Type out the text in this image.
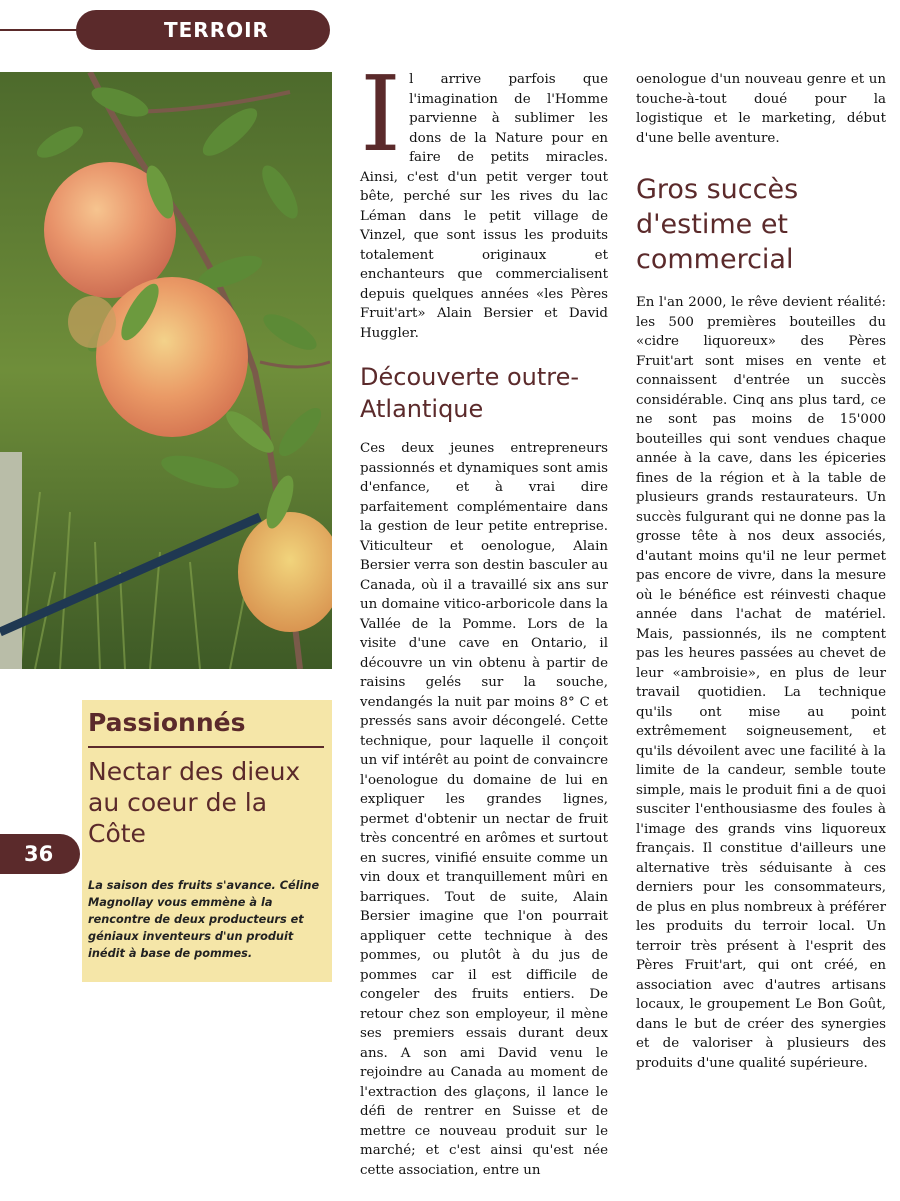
TERROIR
Passionnés
Nectar des dieux au coeur de la Côte
La saison des fruits s'avance. Céline Magnollay vous emmène à la rencontre de deux producteurs et géniaux inventeurs d'un produit inédit à base de pommes.
36
I l arrive parfois que l'imagination de l'Homme parvienne à sublimer les dons de la Nature pour en faire de petits miracles. Ainsi, c'est d'un petit verger tout bête, perché sur les rives du lac Léman dans le petit village de Vinzel, que sont issus les produits totalement originaux et enchanteurs que commercialisent depuis quelques années «les Pères Fruit'art» Alain Bersier et David Huggler.

Découverte outre-Atlantique

Ces deux jeunes entrepreneurs passionnés et dynamiques sont amis d'enfance, et à vrai dire parfaitement complémentaire dans la gestion de leur petite entreprise. Viticulteur et oenologue, Alain Bersier verra son destin basculer au Canada, où il a travaillé six ans sur un domaine vitico-arboricole dans la Vallée de la Pomme. Lors de la visite d'une cave en Ontario, il découvre un vin obtenu à partir de raisins gelés sur la souche, vendangés la nuit par moins 8° C et pressés sans avoir décongelé. Cette technique, pour laquelle il conçoit un vif intérêt au point de convaincre l'oenologue du domaine de lui en expliquer les grandes lignes, permet d'obtenir un nectar de fruit très concentré en arômes et surtout en sucres, vinifié ensuite comme un vin doux et tranquillement mûri en barriques. Tout de suite, Alain Bersier imagine que l'on pourrait appliquer cette technique à des pommes, ou plutôt à du jus de pommes car il est difficile de congeler des fruits entiers. De retour chez son employeur, il mène ses premiers essais durant deux ans. A son ami David venu le rejoindre au Canada au moment de l'extraction des glaçons, il lance le défi de rentrer en Suisse et de mettre ce nouveau produit sur le marché; et c'est ainsi qu'est née cette association, entre un

oenologue d'un nouveau genre et un touche-à-tout doué pour la logistique et le marketing, début d'une belle aventure.

Gros succès d'estime et commercial

En l'an 2000, le rêve devient réalité: les 500 premières bouteilles du «cidre liquoreux» des Pères Fruit'art sont mises en vente et connaissent d'entrée un succès considérable. Cinq ans plus tard, ce ne sont pas moins de 15'000 bouteilles qui sont vendues chaque année à la cave, dans les épiceries fines de la région et à la table de plusieurs grands restaurateurs. Un succès fulgurant qui ne donne pas la grosse tête à nos deux associés, d'autant moins qu'il ne leur permet pas encore de vivre, dans la mesure où le bénéfice est réinvesti chaque année dans l'achat de matériel. Mais, passionnés, ils ne comptent pas les heures passées au chevet de leur «ambroisie», en plus de leur travail quotidien. La technique qu'ils ont mise au point extrêmement soigneusement, et qu'ils dévoilent avec une facilité à la limite de la candeur, semble toute simple, mais le produit fini a de quoi susciter l'enthousiasme des foules à l'image des grands vins liquoreux français. Il constitue d'ailleurs une alternative très séduisante à ces derniers pour les consommateurs, de plus en plus nombreux à préférer les produits du terroir local. Un terroir très présent à l'esprit des Pères Fruit'art, qui ont créé, en association avec d'autres artisans locaux, le groupement Le Bon Goût, dans le but de créer des synergies et de valoriser à plusieurs des produits d'une qualité supérieure.
